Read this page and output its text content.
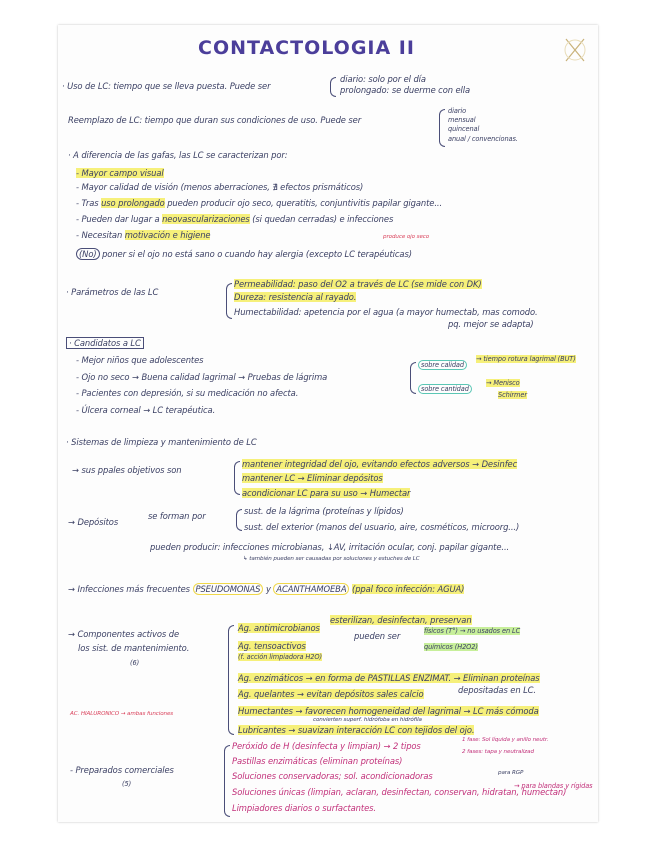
CONTACTOLOGIA II
· Uso de LC: tiempo que se lleva puesta. Puede ser
diario: solo por el día
prolongado: se duerme con ella
Reemplazo de LC: tiempo que duran sus condiciones de uso. Puede ser
diario
mensual
quincenal
anual / convencionas.
· A diferencia de las gafas, las LC se caracterizan por:
- Mayor campo visual
- Mayor calidad de visión (menos aberraciones, ∄ efectos prismáticos)
- Tras uso prolongado pueden producir ojo seco, queratitis, conjuntivitis papilar gigante...
- Pueden dar lugar a neovascularizaciones (si quedan cerradas) e infecciones
- Necesitan motivación e higiene	produce ojo seco
(No) poner si el ojo no está sano o cuando hay alergia (excepto LC terapéuticas)
· Parámetros de las LC
Permeabilidad: paso del O2 a través de LC (se mide con DK)
Dureza: resistencia al rayado.
Humectabilidad: apetencia por el agua (a mayor humectab, mas comodo.
pq. mejor se adapta)
· Candidatos a LC
- Mejor niños que adolescentes
- Ojo no seco → Buena calidad lagrimal → Pruebas de lágrima
sobre calidad
→ tiempo rotura lagrimal (BUT)
sobre cantidad
→ Menisco
Schirmer
- Pacientes con depresión, si su medicación no afecta.
- Úlcera corneal → LC terapéutica.
· Sistemas de limpieza y mantenimiento de LC
→ sus ppales objetivos son
mantener integridad del ojo, evitando efectos adversos → Desinfec
mantener LC → Eliminar depósitos
acondicionar LC para su uso → Humectar
→ Depósitos
se forman por	sust. de la lágrima (proteínas y lípidos)
sust. del exterior (manos del usuario, aire, cosméticos, microorg...)
pueden producir: infecciones microbianas, ↓AV, irritación ocular, conj. papilar gigante...
↳ también pueden ser causadas por soluciones y estuches de LC
→ Infecciones más frecuentes PSEUDOMONAS y ACANTHAMOEBA (ppal foco infección: AGUA)
→ Componentes activos de
los sist. de mantenimiento.
(6)
Ag. antimicrobianos
esterilizan, desinfectan, preservan
pueden ser	físicos (T°) → no usados en LC
químicos (H2O2)
Ag. tensoactivos
(f. acción limpiadora H2O)
Ag. enzimáticos → en forma de PASTILLAS ENZIMAT. → Eliminan proteínas
depositadas en LC.
Ag. quelantes → evitan depósitos sales calcio
AC. HIALURONICO → ambas funciones	Humectantes → favorecen homogeneidad del lagrimal → LC más cómoda
convierten superf. hidrófoba en hidrófila
Lubricantes → suavizan interacción LC con tejidos del ojo.
- Preparados comerciales
(5)
Peróxido de H (desinfecta y limpian) → 2 tipos
1 fase: Sol líquida y anillo neutr.
2 fases: tapa y neutralizad
Pastillas enzimáticas (eliminan proteínas)
Soluciones conservadoras; sol. acondicionadoras	para RGP
Soluciones únicas (limpian, aclaran, desinfectan, conservan, hidratan, humectan)
→ para blandas y rígidas
Limpiadores diarios o surfactantes.
